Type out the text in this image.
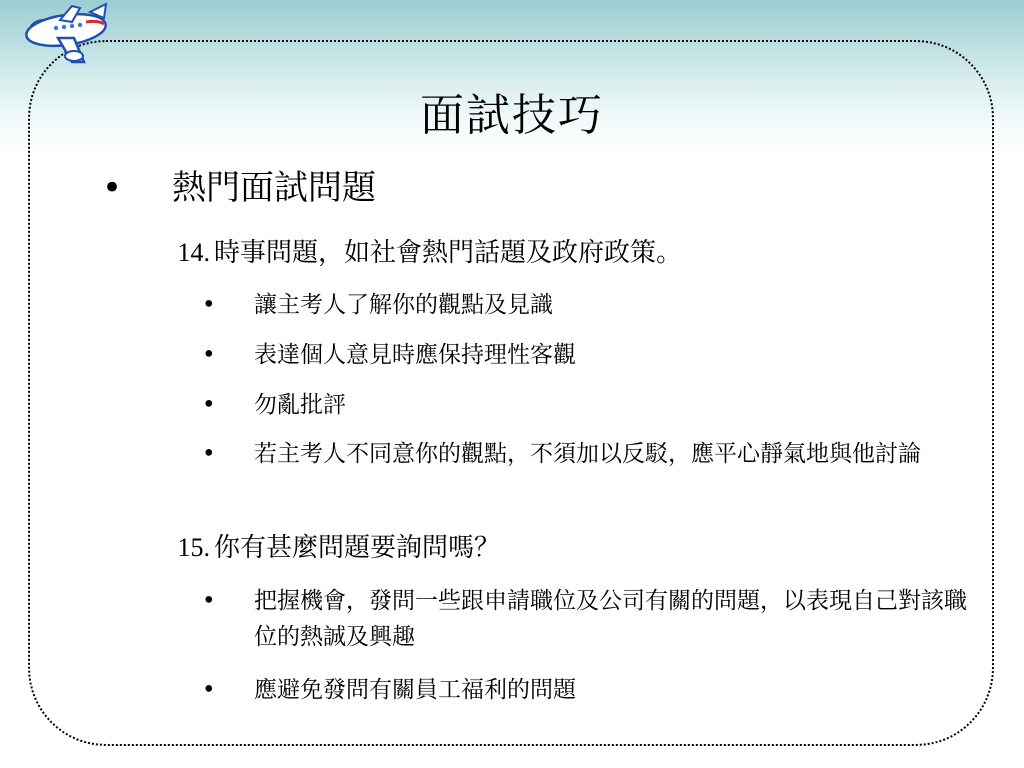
面試技巧
•	熱門面試問題
14. 時事問題，如社會熱門話題及政府政策。
•	讓主考人了解你的觀點及見識
•	表達個人意見時應保持理性客觀
•	勿亂批評
•	若主考人不同意你的觀點，不須加以反駁，應平心靜氣地與他討論
15. 你有甚麼問題要詢問嗎？
•	把握機會，發問一些跟申請職位及公司有關的問題，以表現自己對該職位的熱誠及興趣
•	應避免發問有關員工福利的問題
